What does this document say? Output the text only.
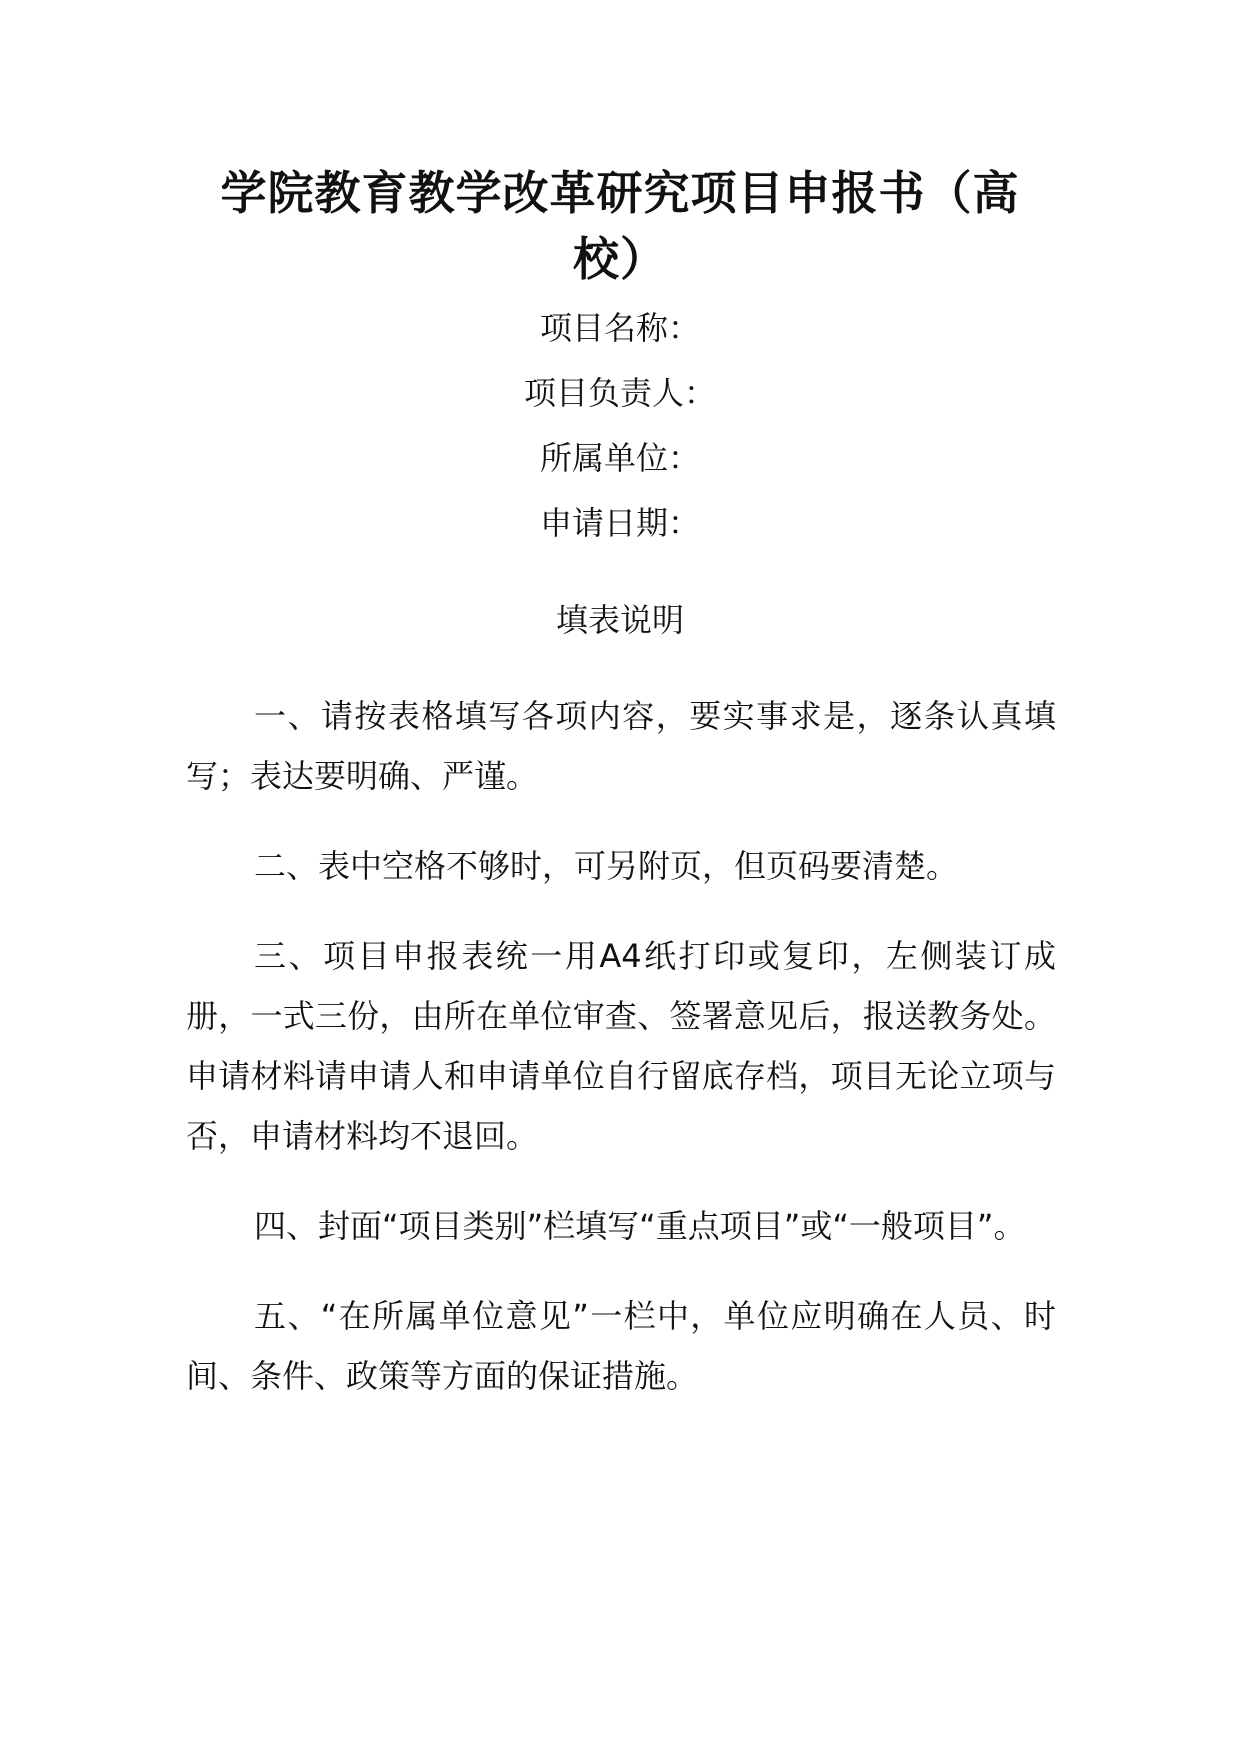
学院教育教学改革研究项目申报书（高校）
项目名称：
项目负责人：
所属单位：
申请日期：
填表说明

一、请按表格填写各项内容，要实事求是，逐条认真填写；表达要明确、严谨。

二、表中空格不够时，可另附页，但页码要清楚。

三、项目申报表统一用A4纸打印或复印，左侧装订成册，一式三份，由所在单位审查、签署意见后，报送教务处。申请材料请申请人和申请单位自行留底存档，项目无论立项与否，申请材料均不退回。

四、封面“项目类别”栏填写“重点项目”或“一般项目”。

五、“在所属单位意见”一栏中，单位应明确在人员、时间、条件、政策等方面的保证措施。
